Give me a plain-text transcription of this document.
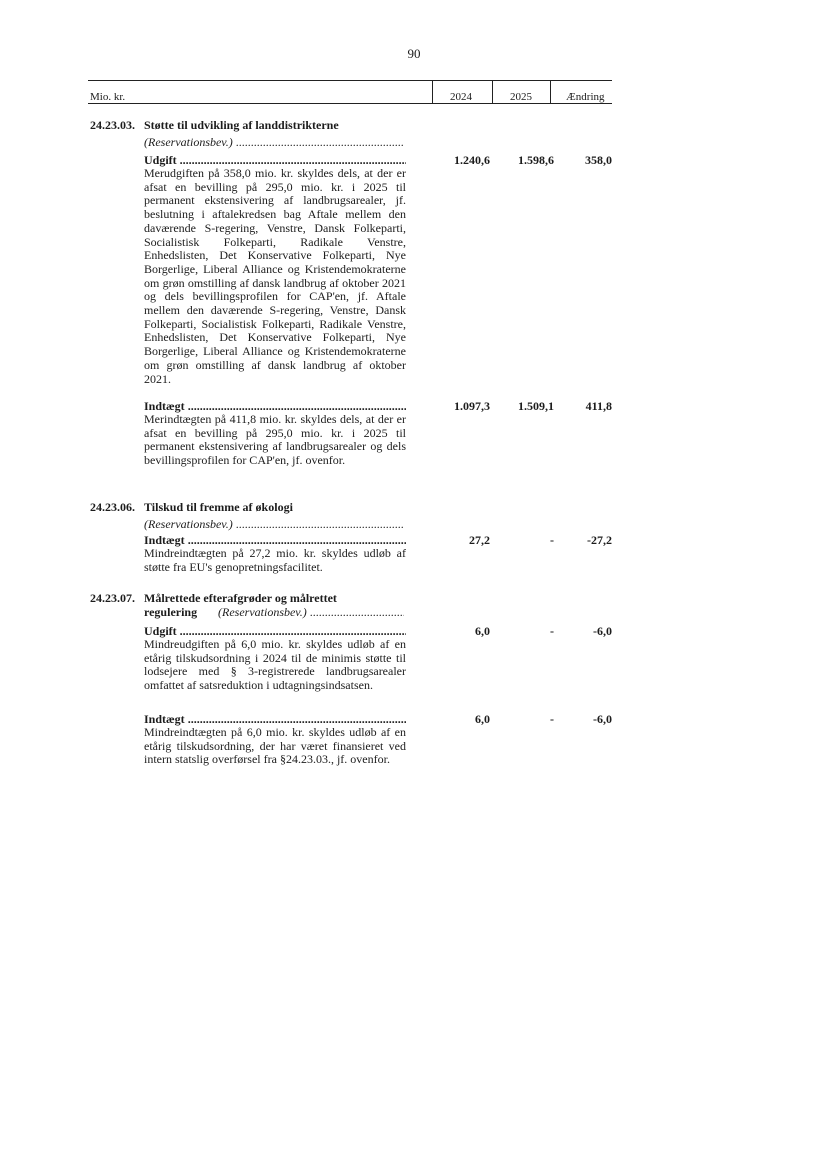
90
Mio. kr.	2024	2025	Ændring
24.23.03. Støtte til udvikling af landdistrikterne
(Reservationsbev.) .....
Udgift .....	1.240,6	1.598,6	358,0
Merudgiften på 358,0 mio. kr. skyldes dels, at der er afsat en bevilling på 295,0 mio. kr. i 2025 til permanent ekstensivering af landbrugsarealer, jf. beslutning i aftalekredsen bag Aftale mellem den daværende S-regering, Venstre, Dansk Folkeparti, Socialistisk Folkeparti, Radikale Venstre, Enhedslisten, Det Konservative Folkeparti, Nye Borgerlige, Liberal Alliance og Kristendemokraterne om grøn omstilling af dansk landbrug af oktober 2021 og dels bevillingsprofilen for CAP'en, jf. Aftale mellem den daværende S-regering, Venstre, Dansk Folkeparti, Socialistisk Folkeparti, Radikale Venstre, Enhedslisten, Det Konservative Folkeparti, Nye Borgerlige, Liberal Alliance og Kristendemokraterne om grøn omstilling af dansk landbrug af oktober 2021.
Indtægt .....	1.097,3	1.509,1	411,8
Merindtægten på 411,8 mio. kr. skyldes dels, at der er afsat en bevilling på 295,0 mio. kr. i 2025 til permanent ekstensivering af landbrugsarealer og dels bevillingsprofilen for CAP'en, jf. ovenfor.
24.23.06. Tilskud til fremme af økologi
(Reservationsbev.) .....
Indtægt .....	27,2	-	-27,2
Mindreindtægten på 27,2 mio. kr. skyldes udløb af støtte fra EU's genopretningsfacilitet.
24.23.07. Målrettede efterafgrøder og målrettet regulering	(Reservationsbev.) .....
Udgift .....	6,0	-	-6,0
Mindreudgiften på 6,0 mio. kr. skyldes udløb af en etårig tilskudsordning i 2024 til de minimis støtte til lodsejere med § 3-registrerede landbrugsarealer omfattet af satsreduktion i udtagningsindsatsen.
Indtægt .....	6,0	-	-6,0
Mindreindtægten på 6,0 mio. kr. skyldes udløb af en etårig tilskudsordning, der har været finansieret ved intern statslig overførsel fra §24.23.03., jf. ovenfor.
